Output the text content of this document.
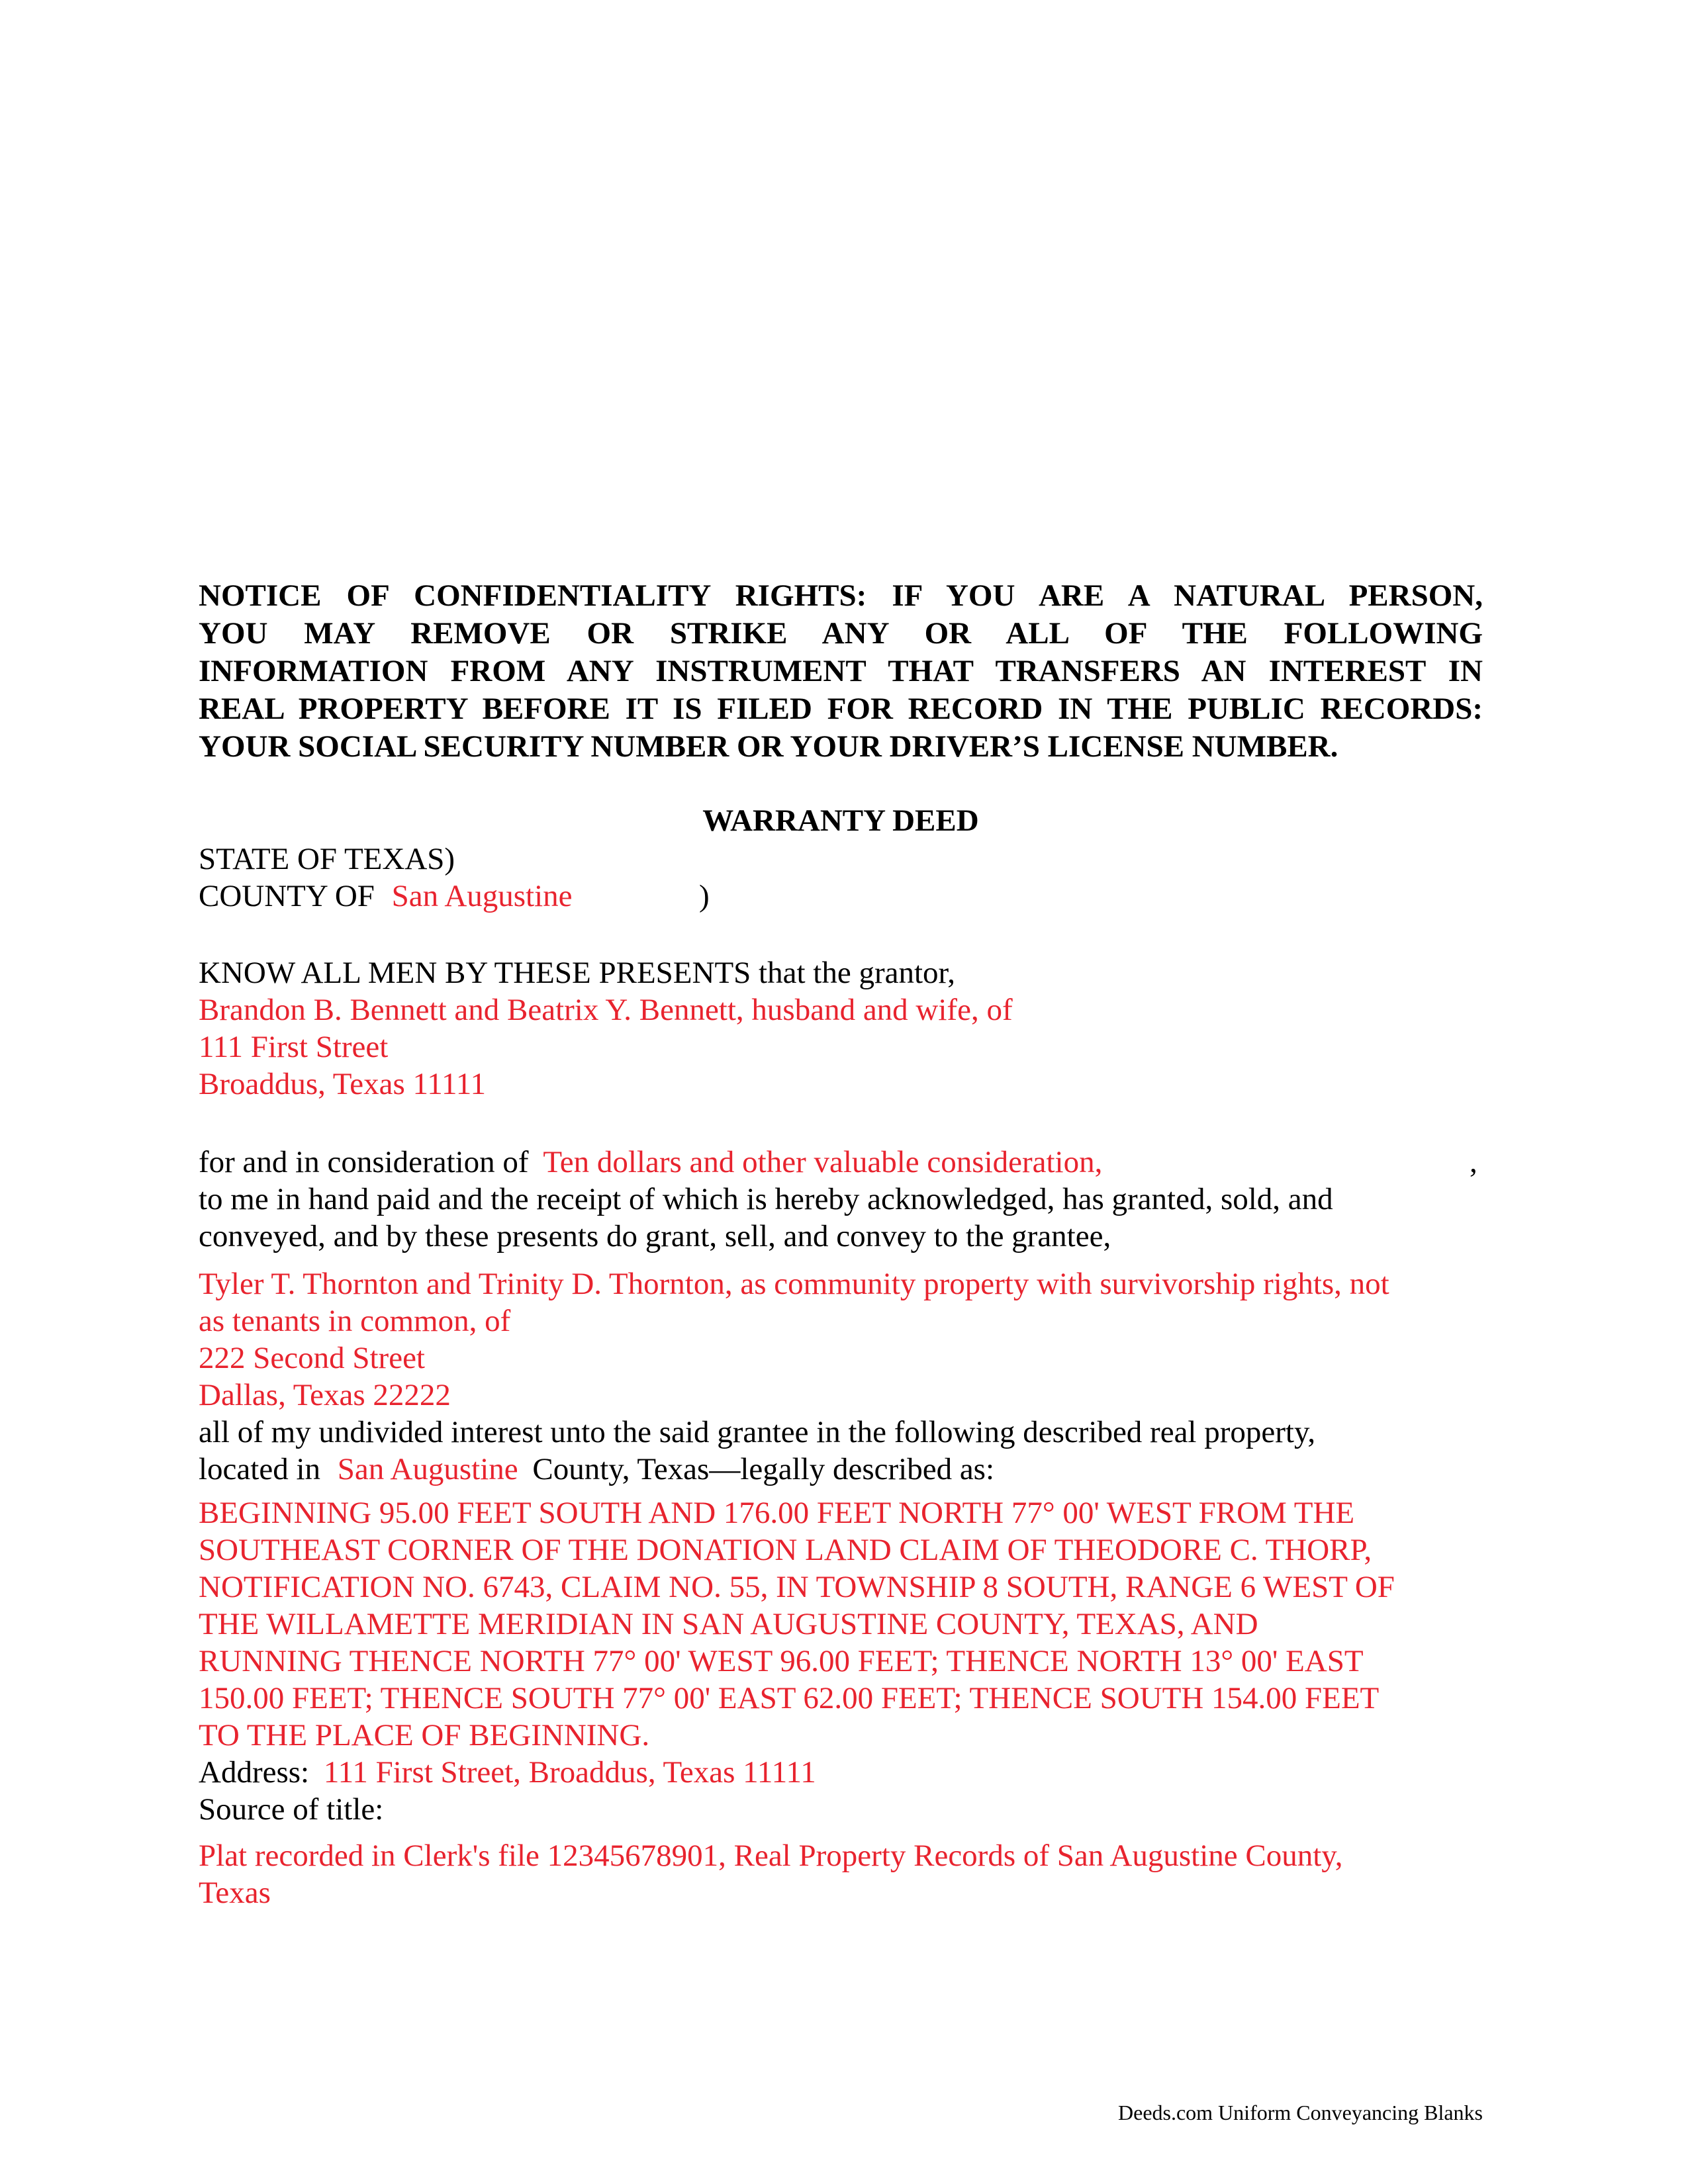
NOTICE OF CONFIDENTIALITY RIGHTS: IF YOU ARE A NATURAL PERSON,

YOU MAY REMOVE OR STRIKE ANY OR ALL OF THE FOLLOWING

INFORMATION FROM ANY INSTRUMENT THAT TRANSFERS AN INTEREST IN

REAL PROPERTY BEFORE IT IS FILED FOR RECORD IN THE PUBLIC RECORDS:

YOUR SOCIAL SECURITY NUMBER OR YOUR DRIVER’S LICENSE NUMBER.

WARRANTY DEED

STATE OF TEXAS)

COUNTY OF San Augustine	)

KNOW ALL MEN BY THESE PRESENTS that the grantor,

Brandon B. Bennett and Beatrix Y. Bennett, husband and wife, of

111 First Street

Broaddus, Texas 11111

for and in consideration of Ten dollars and other valuable consideration,	,

to me in hand paid and the receipt of which is hereby acknowledged, has granted, sold, and

conveyed, and by these presents do grant, sell, and convey to the grantee,

Tyler T. Thornton and Trinity D. Thornton, as community property with survivorship rights, not

as tenants in common, of

222 Second Street

Dallas, Texas 22222

all of my undivided interest unto the said grantee in the following described real property,

located in San Augustine County, Texas—legally described as:

BEGINNING 95.00 FEET SOUTH AND 176.00 FEET NORTH 77° 00' WEST FROM THE

SOUTHEAST CORNER OF THE DONATION LAND CLAIM OF THEODORE C. THORP,

NOTIFICATION NO. 6743, CLAIM NO. 55, IN TOWNSHIP 8 SOUTH, RANGE 6 WEST OF

THE WILLAMETTE MERIDIAN IN SAN AUGUSTINE COUNTY, TEXAS, AND

RUNNING THENCE NORTH 77° 00' WEST 96.00 FEET; THENCE NORTH 13° 00' EAST

150.00 FEET; THENCE SOUTH 77° 00' EAST 62.00 FEET; THENCE SOUTH 154.00 FEET

TO THE PLACE OF BEGINNING.

Address: 111 First Street, Broaddus, Texas 11111

Source of title:

Plat recorded in Clerk's file 12345678901, Real Property Records of San Augustine County,

Texas

Deeds.com Uniform Conveyancing Blanks
